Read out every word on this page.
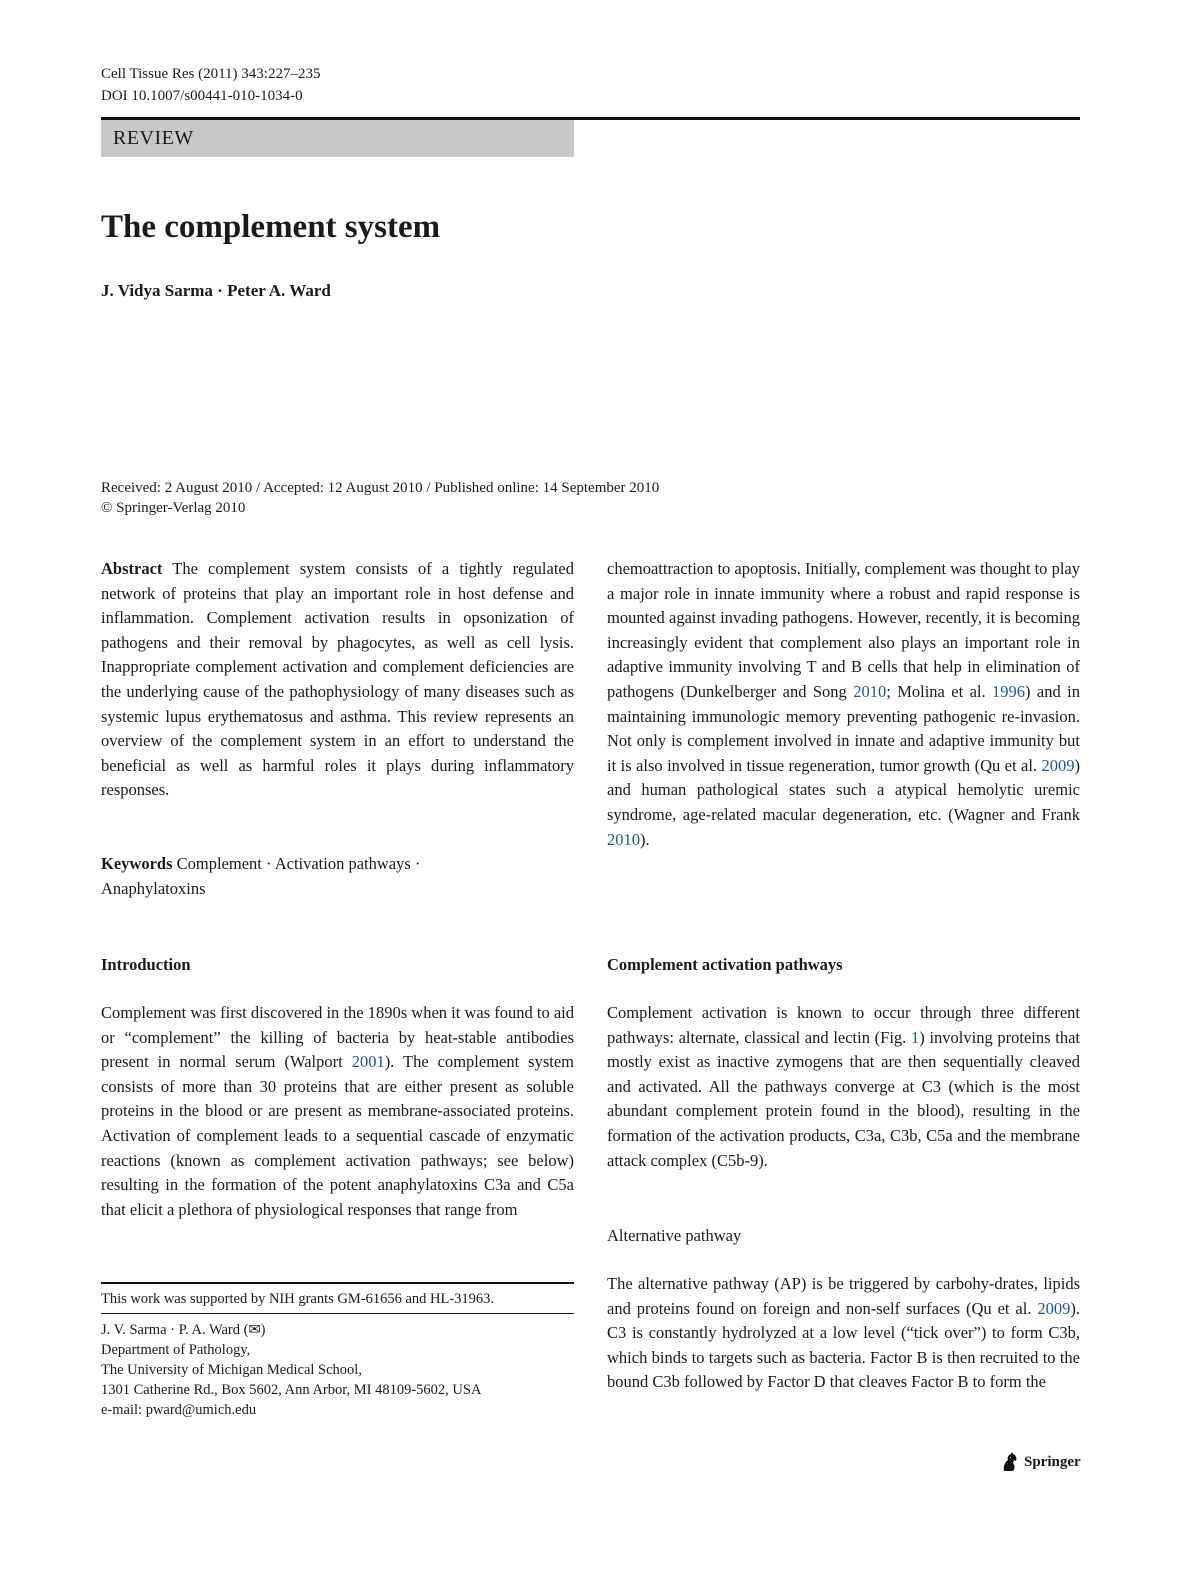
Cell Tissue Res (2011) 343:227–235
DOI 10.1007/s00441-010-1034-0
REVIEW
The complement system
J. Vidya Sarma · Peter A. Ward
Received: 2 August 2010 / Accepted: 12 August 2010 / Published online: 14 September 2010
© Springer-Verlag 2010

Abstract The complement system consists of a tightly regulated network of proteins that play an important role in host defense and inflammation. Complement activation results in opsonization of pathogens and their removal by phagocytes, as well as cell lysis. Inappropriate complement activation and complement deficiencies are the underlying cause of the pathophysiology of many diseases such as systemic lupus erythematosus and asthma. This review represents an overview of the complement system in an effort to understand the beneficial as well as harmful roles it plays during inflammatory responses.

Keywords Complement · Activation pathways · Anaphylatoxins

Introduction

Complement was first discovered in the 1890s when it was found to aid or “complement” the killing of bacteria by heat-stable antibodies present in normal serum (Walport 2001). The complement system consists of more than 30 proteins that are either present as soluble proteins in the blood or are present as membrane-associated proteins. Activation of complement leads to a sequential cascade of enzymatic reactions (known as complement activation pathways; see below) resulting in the formation of the potent anaphylatoxins C3a and C5a that elicit a plethora of physiological responses that range from

This work was supported by NIH grants GM-61656 and HL-31963.
J. V. Sarma · P. A. Ward (✉)
Department of Pathology,
The University of Michigan Medical School,
1301 Catherine Rd., Box 5602, Ann Arbor, MI 48109-5602, USA
e-mail: pward@umich.edu

chemoattraction to apoptosis. Initially, complement was thought to play a major role in innate immunity where a robust and rapid response is mounted against invading pathogens. However, recently, it is becoming increasingly evident that complement also plays an important role in adaptive immunity involving T and B cells that help in elimination of pathogens (Dunkelberger and Song 2010; Molina et al. 1996) and in maintaining immunologic memory preventing pathogenic re-invasion. Not only is complement involved in innate and adaptive immunity but it is also involved in tissue regeneration, tumor growth (Qu et al. 2009) and human pathological states such a atypical hemolytic uremic syndrome, age-related macular degeneration, etc. (Wagner and Frank 2010).

Complement activation pathways

Complement activation is known to occur through three different pathways: alternate, classical and lectin (Fig. 1) involving proteins that mostly exist as inactive zymogens that are then sequentially cleaved and activated. All the pathways converge at C3 (which is the most abundant complement protein found in the blood), resulting in the formation of the activation products, C3a, C3b, C5a and the membrane attack complex (C5b-9).

Alternative pathway

The alternative pathway (AP) is be triggered by carbohy-drates, lipids and proteins found on foreign and non-self surfaces (Qu et al. 2009). C3 is constantly hydrolyzed at a low level (“tick over”) to form C3b, which binds to targets such as bacteria. Factor B is then recruited to the bound C3b followed by Factor D that cleaves Factor B to form the

Springer
